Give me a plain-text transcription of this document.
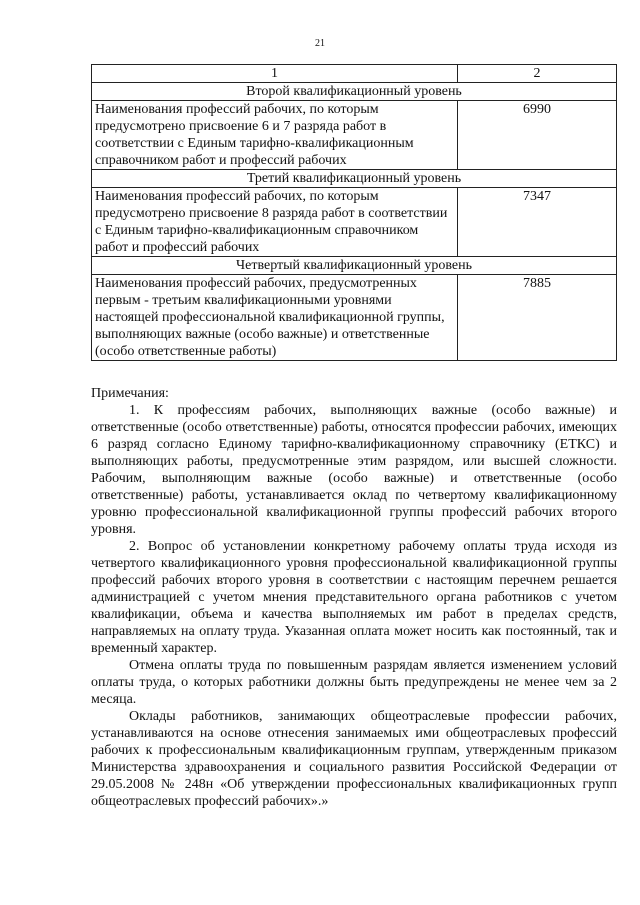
21
1	2
Второй квалификационный уровень	
Наименования профессий рабочих, по которым предусмотрено присвоение 6 и 7 разряда работ в соответствии с Единым тарифно-квалификационным справочником работ и профессий рабочих	6990
Третий квалификационный уровень	
Наименования профессий рабочих, по которым предусмотрено присвоение 8 разряда работ в соответствии с Единым тарифно-квалификационным справочником работ и профессий рабочих	7347
Четвертый квалификационный уровень	
Наименования профессий рабочих, предусмотренных первым - третьим квалификационными уровнями настоящей профессиональной квалификационной группы, выполняющих важные (особо важные) и ответственные (особо ответственные работы)	7885

Примечания:

1. К профессиям рабочих, выполняющих важные (особо важные) и ответственные (особо ответственные) работы, относятся профессии рабочих, имеющих 6 разряд согласно Единому тарифно-квалификационному справочнику (ЕТКС) и выполняющих работы, предусмотренные этим разрядом, или высшей сложности. Рабочим, выполняющим важные (особо важные) и ответственные (особо ответственные) работы, устанавливается оклад по четвертому квалификационному уровню профессиональной квалификационной группы профессий рабочих второго уровня.

2. Вопрос об установлении конкретному рабочему оплаты труда исходя из четвертого квалификационного уровня профессиональной квалификационной группы профессий рабочих второго уровня в соответствии с настоящим перечнем решается администрацией с учетом мнения представительного органа работников с учетом квалификации, объема и качества выполняемых им работ в пределах средств, направляемых на оплату труда. Указанная оплата может носить как постоянный, так и временный характер.

Отмена оплаты труда по повышенным разрядам является изменением условий оплаты труда, о которых работники должны быть предупреждены не менее чем за 2 месяца.

Оклады работников, занимающих общеотраслевые профессии рабочих, устанавливаются на основе отнесения занимаемых ими общеотраслевых профессий рабочих к профессиональным квалификационным группам, утвержденным приказом Министерства здравоохранения и социального развития Российской Федерации от 29.05.2008 № 248н «Об утверждении профессиональных квалификационных групп общеотраслевых профессий рабочих».»
